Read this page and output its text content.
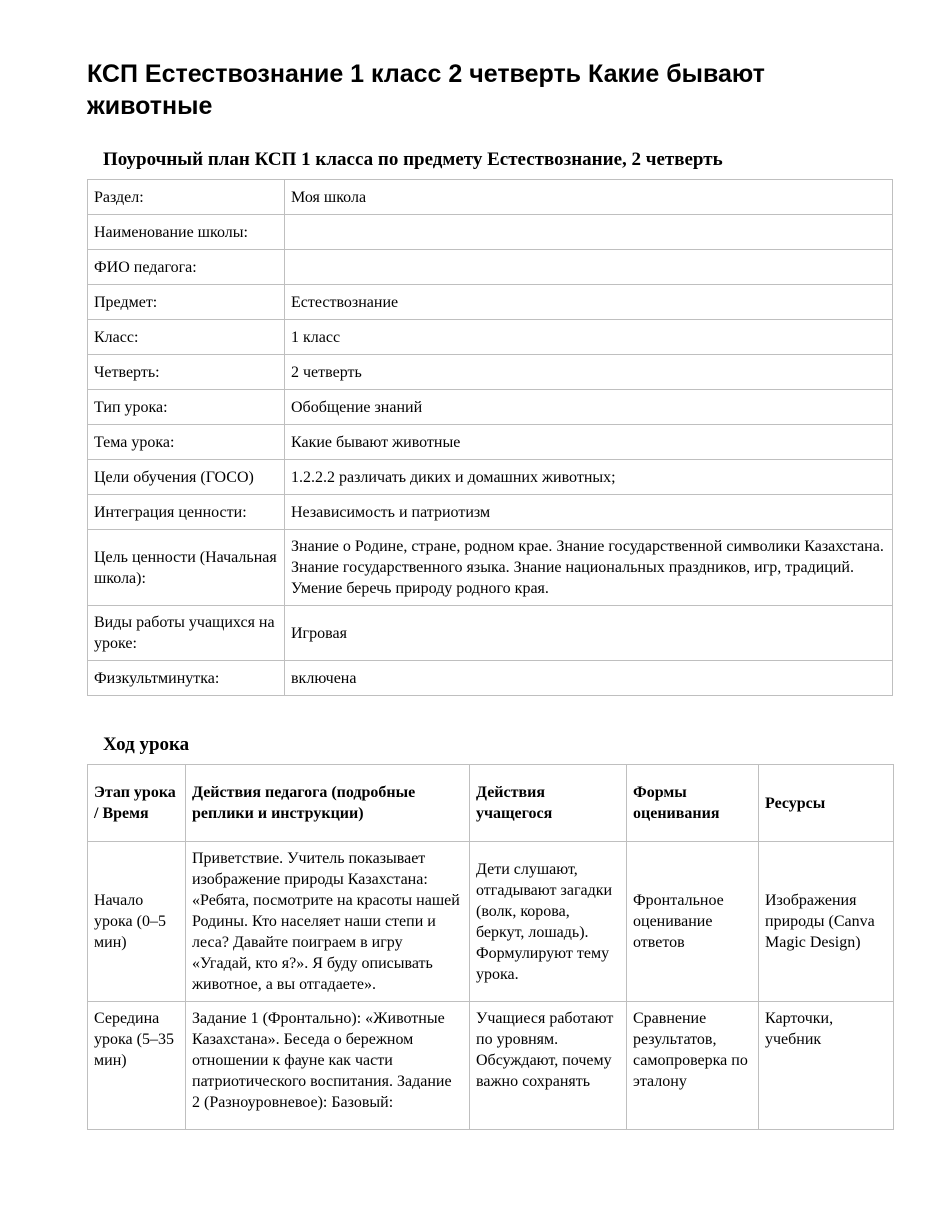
КСП Естествознание 1 класс 2 четверть Какие бывают животные
Поурочный план КСП 1 класса по предмету Естествознание, 2 четверть
Раздел:	Моя школа
Наименование школы:	
ФИО педагога:	
Предмет:	Естествознание
Класс:	1 класс
Четверть:	2 четверть
Тип урока:	Обобщение знаний
Тема урока:	Какие бывают животные
Цели обучения (ГОСО)	1.2.2.2 различать диких и домашних животных;
Интеграция ценности:	Независимость и патриотизм
Цель ценности (Начальная школа):	Знание о Родине, стране, родном крае. Знание государственной символики Казахстана. Знание государственного языка. Знание национальных праздников, игр, традиций. Умение беречь природу родного края.
Виды работы учащихся на уроке:	Игровая
Физкультминутка:	включена
Ход урока
Этап урока / Время	Действия педагога (подробные реплики и инструкции)	Действия учащегося	Формы оценивания	Ресурсы
Начало урока (0–5 мин)	Приветствие. Учитель показывает изображение природы Казахстана: «Ребята, посмотрите на красоты нашей Родины. Кто населяет наши степи и леса? Давайте поиграем в игру «Угадай, кто я?». Я буду описывать животное, а вы отгадаете».	Дети слушают, отгадывают загадки (волк, корова, беркут, лошадь). Формулируют тему урока.	Фронтальное оценивание ответов	Изображения природы (Canva Magic Design)
Середина урока (5–35 мин)	Задание 1 (Фронтально): «Животные Казахстана». Беседа о бережном отношении к фауне как части патриотического воспитания. Задание 2 (Разноуровневое): Базовый:	Учащиеся работают по уровням. Обсуждают, почему важно сохранять	Сравнение результатов, самопроверка по эталону	Карточки, учебник
